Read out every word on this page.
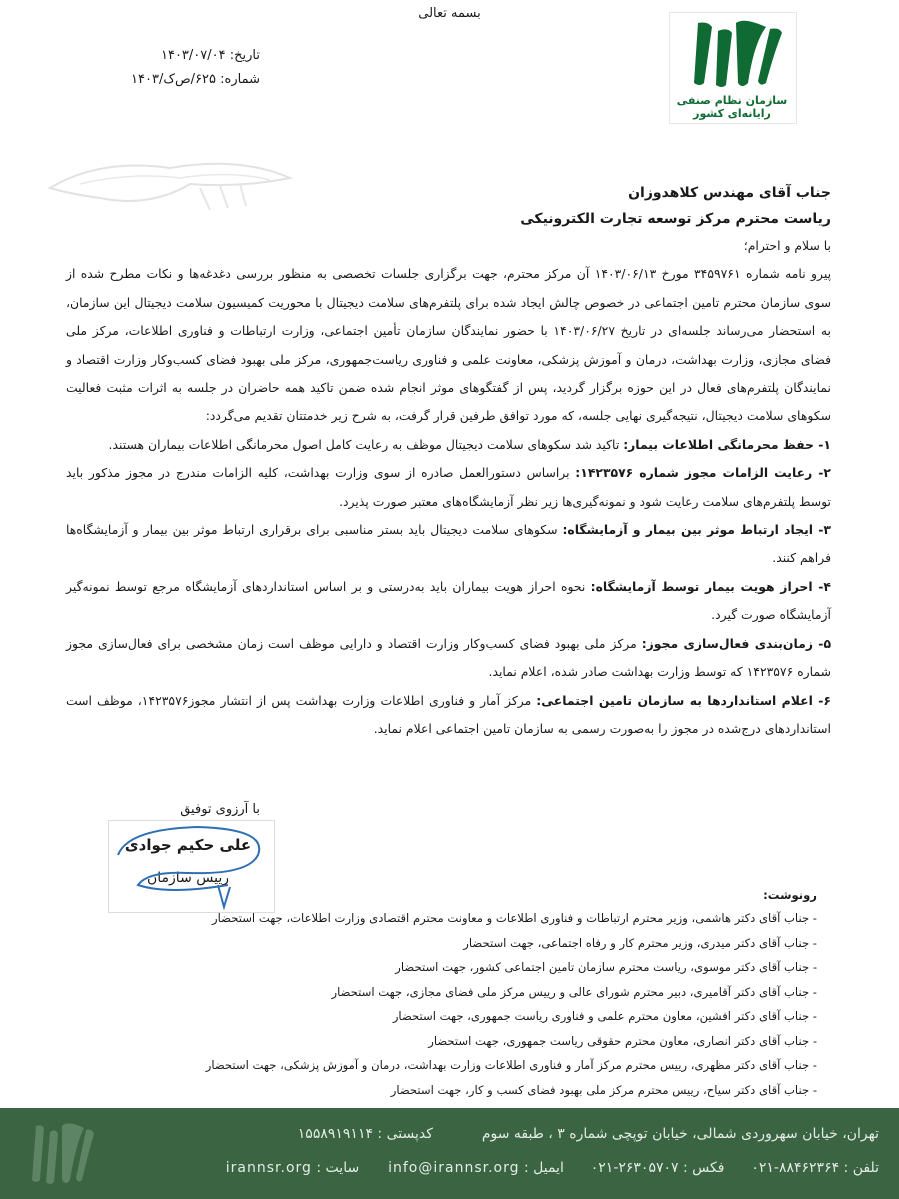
بسمه تعالی
سازمان نظام صنفی رایانه‌ای کشور
تاریخ: ۱۴۰۳/۰۷/۰۴
شماره: ۶۲۵/ص‌ک/۱۴۰۳

جناب آقای مهندس کلاهدوزان

ریاست محترم مرکز توسعه تجارت الکترونیکی

با سلام و احترام؛

پیرو نامه شماره ۳۴۵۹۷۶۱ مورخ ۱۴۰۳/۰۶/۱۳ آن مرکز محترم، جهت برگزاری جلسات تخصصی به منظور بررسی دغدغه‌ها و نکات مطرح شده از سوی سازمان محترم تامین اجتماعی در خصوص چالش ایجاد شده برای پلتفرم‌های سلامت دیجیتال با محوریت کمیسیون سلامت دیجیتال این سازمان، به استحضار می‌رساند جلسه‌ای در تاریخ ۱۴۰۳/۰۶/۲۷ با حضور نمایندگان سازمان تأمین اجتماعی، وزارت ارتباطات و فناوری اطلاعات، مرکز ملی فضای مجازی، وزارت بهداشت، درمان و آموزش پزشکی، معاونت علمی و فناوری ریاست‌جمهوری، مرکز ملی بهبود فضای کسب‌وکار وزارت اقتصاد و نمایندگان پلتفرم‌های فعال در این حوزه برگزار گردید، پس از گفتگوهای موثر انجام شده ضمن تاکید همه حاضران در جلسه به اثرات مثبت فعالیت سکوهای سلامت دیجیتال، نتیجه‌گیری نهایی جلسه، که مورد توافق طرفین قرار گرفت، به شرح زیر خدمتتان تقدیم می‌گردد:

۱- حفظ محرمانگی اطلاعات بیمار: تاکید شد سکوهای سلامت دیجیتال موظف به رعایت کامل اصول محرمانگی اطلاعات بیماران هستند.

۲- رعایت الزامات مجوز شماره ۱۴۲۳۵۷۶: براساس دستورالعمل صادره از سوی وزارت بهداشت، کلیه الزامات مندرج در مجوز مذکور باید توسط پلتفرم‌های سلامت رعایت شود و نمونه‌گیری‌ها زیر نظر آزمایشگاه‌های معتبر صورت پذیرد.

۳- ایجاد ارتباط موثر بین بیمار و آزمایشگاه: سکوهای سلامت دیجیتال باید بستر مناسبی برای برقراری ارتباط موثر بین بیمار و آزمایشگاه‌ها فراهم کنند.

۴- احراز هویت بیمار توسط آزمایشگاه: نحوه احراز هویت بیماران باید به‌درستی و بر اساس استانداردهای آزمایشگاه مرجع توسط نمونه‌گیر آزمایشگاه صورت گیرد.

۵- زمان‌بندی فعال‌سازی مجوز: مرکز ملی بهبود فضای کسب‌وکار وزارت اقتصاد و دارایی موظف است زمان مشخصی برای فعال‌سازی مجوز شماره ۱۴۲۳۵۷۶ که توسط وزارت بهداشت صادر شده، اعلام نماید.

۶- اعلام استانداردها به سازمان تامین اجتماعی: مرکز آمار و فناوری اطلاعات وزارت بهداشت پس از انتشار مجوز۱۴۲۳۵۷۶، موظف است استانداردهای درج‌شده در مجوز را به‌صورت رسمی به سازمان تامین اجتماعی اعلام نماید.

با آرزوی توفیق
علی حکیم جوادی
رییس سازمان
رونوشت:
- جناب آقای دکتر هاشمی، وزیر محترم ارتباطات و فناوری اطلاعات و معاونت محترم اقتصادی وزارت اطلاعات، جهت استحضار
- جناب آقای دکتر میدری، وزیر محترم کار و رفاه اجتماعی، جهت استحضار
- جناب آقای دکتر موسوی، ریاست محترم سازمان تامین اجتماعی کشور، جهت استحضار
- جناب آقای دکتر آقامیری، دبیر محترم شورای عالی و رییس مرکز ملی فضای مجازی، جهت استحضار
- جناب آقای دکتر افشین، معاون محترم علمی و فناوری ریاست جمهوری، جهت استحضار
- جناب آقای دکتر انصاری، معاون محترم حقوقی ریاست جمهوری، جهت استحضار
- جناب آقای دکتر مظهری، رییس محترم مرکز آمار و فناوری اطلاعات وزارت بهداشت، درمان و آموزش پزشکی، جهت استحضار
- جناب آقای دکتر سیاح، رییس محترم مرکز ملی بهبود فضای کسب و کار، جهت استحضار
تهران، خیابان سهروردی شمالی، خیابان توپچی شماره ۳ ، طبقه سوم  کدپستی : ۱۵۵۸۹۱۹۱۱۴
تلفن : ۸۸۴۶۲۳۶۴-۰۲۱  فکس : ۲۶۳۰۵۷۰۷-۰۲۱  ایمیل : info@irannsr.org  سایت : irannsr.org
